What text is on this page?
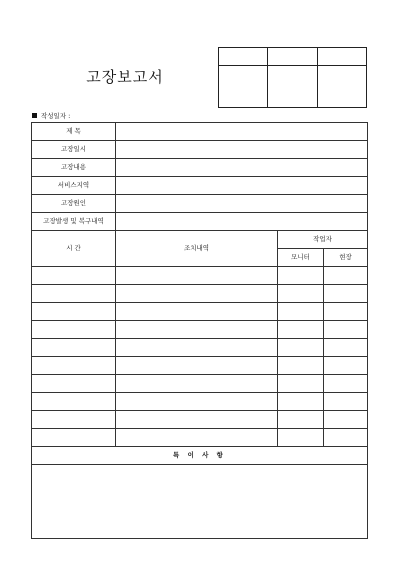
고장보고서

작성일자 :
제 목			
고장일시			
고장내용			
서비스지역			
고장원인			
고장발생 및 복구내역			
시 간	조치내역	작업자	
		모니터	현장

특 이 사 항			
